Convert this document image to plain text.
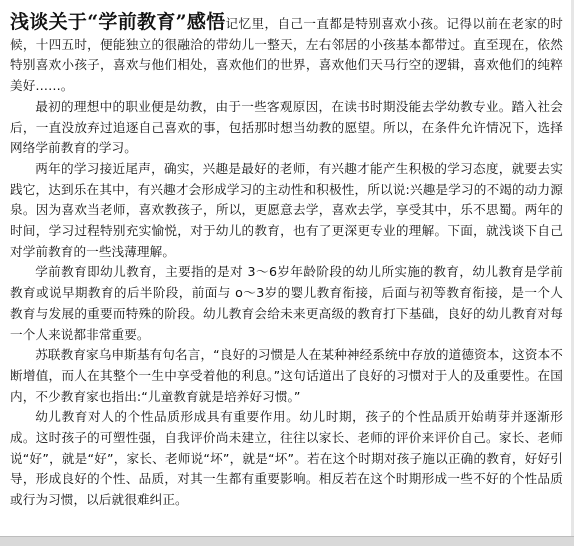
浅谈关于“学前教育”感悟记忆里，自己一直都是特别喜欢小孩。记得以前在老家的时候，十四五时，便能独立的很融洽的带幼儿一整天，左右邻居的小孩基本都带过。直至现在，依然特别喜欢小孩子，喜欢与他们相处，喜欢他们的世界，喜欢他们天马行空的逻辑，喜欢他们的纯粹美好……。

最初的理想中的职业便是幼教，由于一些客观原因，在读书时期没能去学幼教专业。踏入社会后，一直没放弃过追逐自己喜欢的事，包括那时想当幼教的愿望。所以，在条件允许情况下，选择网络学前教育的学习。

两年的学习接近尾声，确实，兴趣是最好的老师，有兴趣才能产生积极的学习态度，就要去实践它，达到乐在其中，有兴趣才会形成学习的主动性和积极性，所以说:兴趣是学习的不竭的动力源泉。因为喜欢当老师，喜欢教孩子，所以，更愿意去学，喜欢去学，享受其中，乐不思蜀。两年的时间，学习过程特别充实愉悦，对于幼儿的教育，也有了更深更专业的理解。下面，就浅谈下自己对学前教育的一些浅薄理解。

学前教育即幼儿教育，主要指的是对 3～6岁年龄阶段的幼儿所实施的教育，幼儿教育是学前教育或说早期教育的后半阶段，前面与 o～3岁的婴儿教育衔接，后面与初等教育衔接，是一个人教育与发展的重要而特殊的阶段。幼儿教育会给未来更高级的教育打下基础，良好的幼儿教育对每一个人来说都非常重要。

苏联教育家乌申斯基有句名言，“良好的习惯是人在某种神经系统中存放的道德资本，这资本不断增值，而人在其整个一生中享受着他的利息。”这句话道出了良好的习惯对于人的及重要性。在国内，不少教育家也指出:“儿童教育就是培养好习惯。”

幼儿教育对人的个性品质形成具有重要作用。幼儿时期，孩子的个性品质开始萌芽并逐渐形成。这时孩子的可塑性强，自我评价尚未建立，往往以家长、老师的评价来评价自己。家长、老师说“好”，就是“好”，家长、老师说“坏”，就是“坏”。若在这个时期对孩子施以正确的教育，好好引导，形成良好的个性、品质，对其一生都有重要影响。相反若在这个时期形成一些不好的个性品质或行为习惯，以后就很难纠正。
